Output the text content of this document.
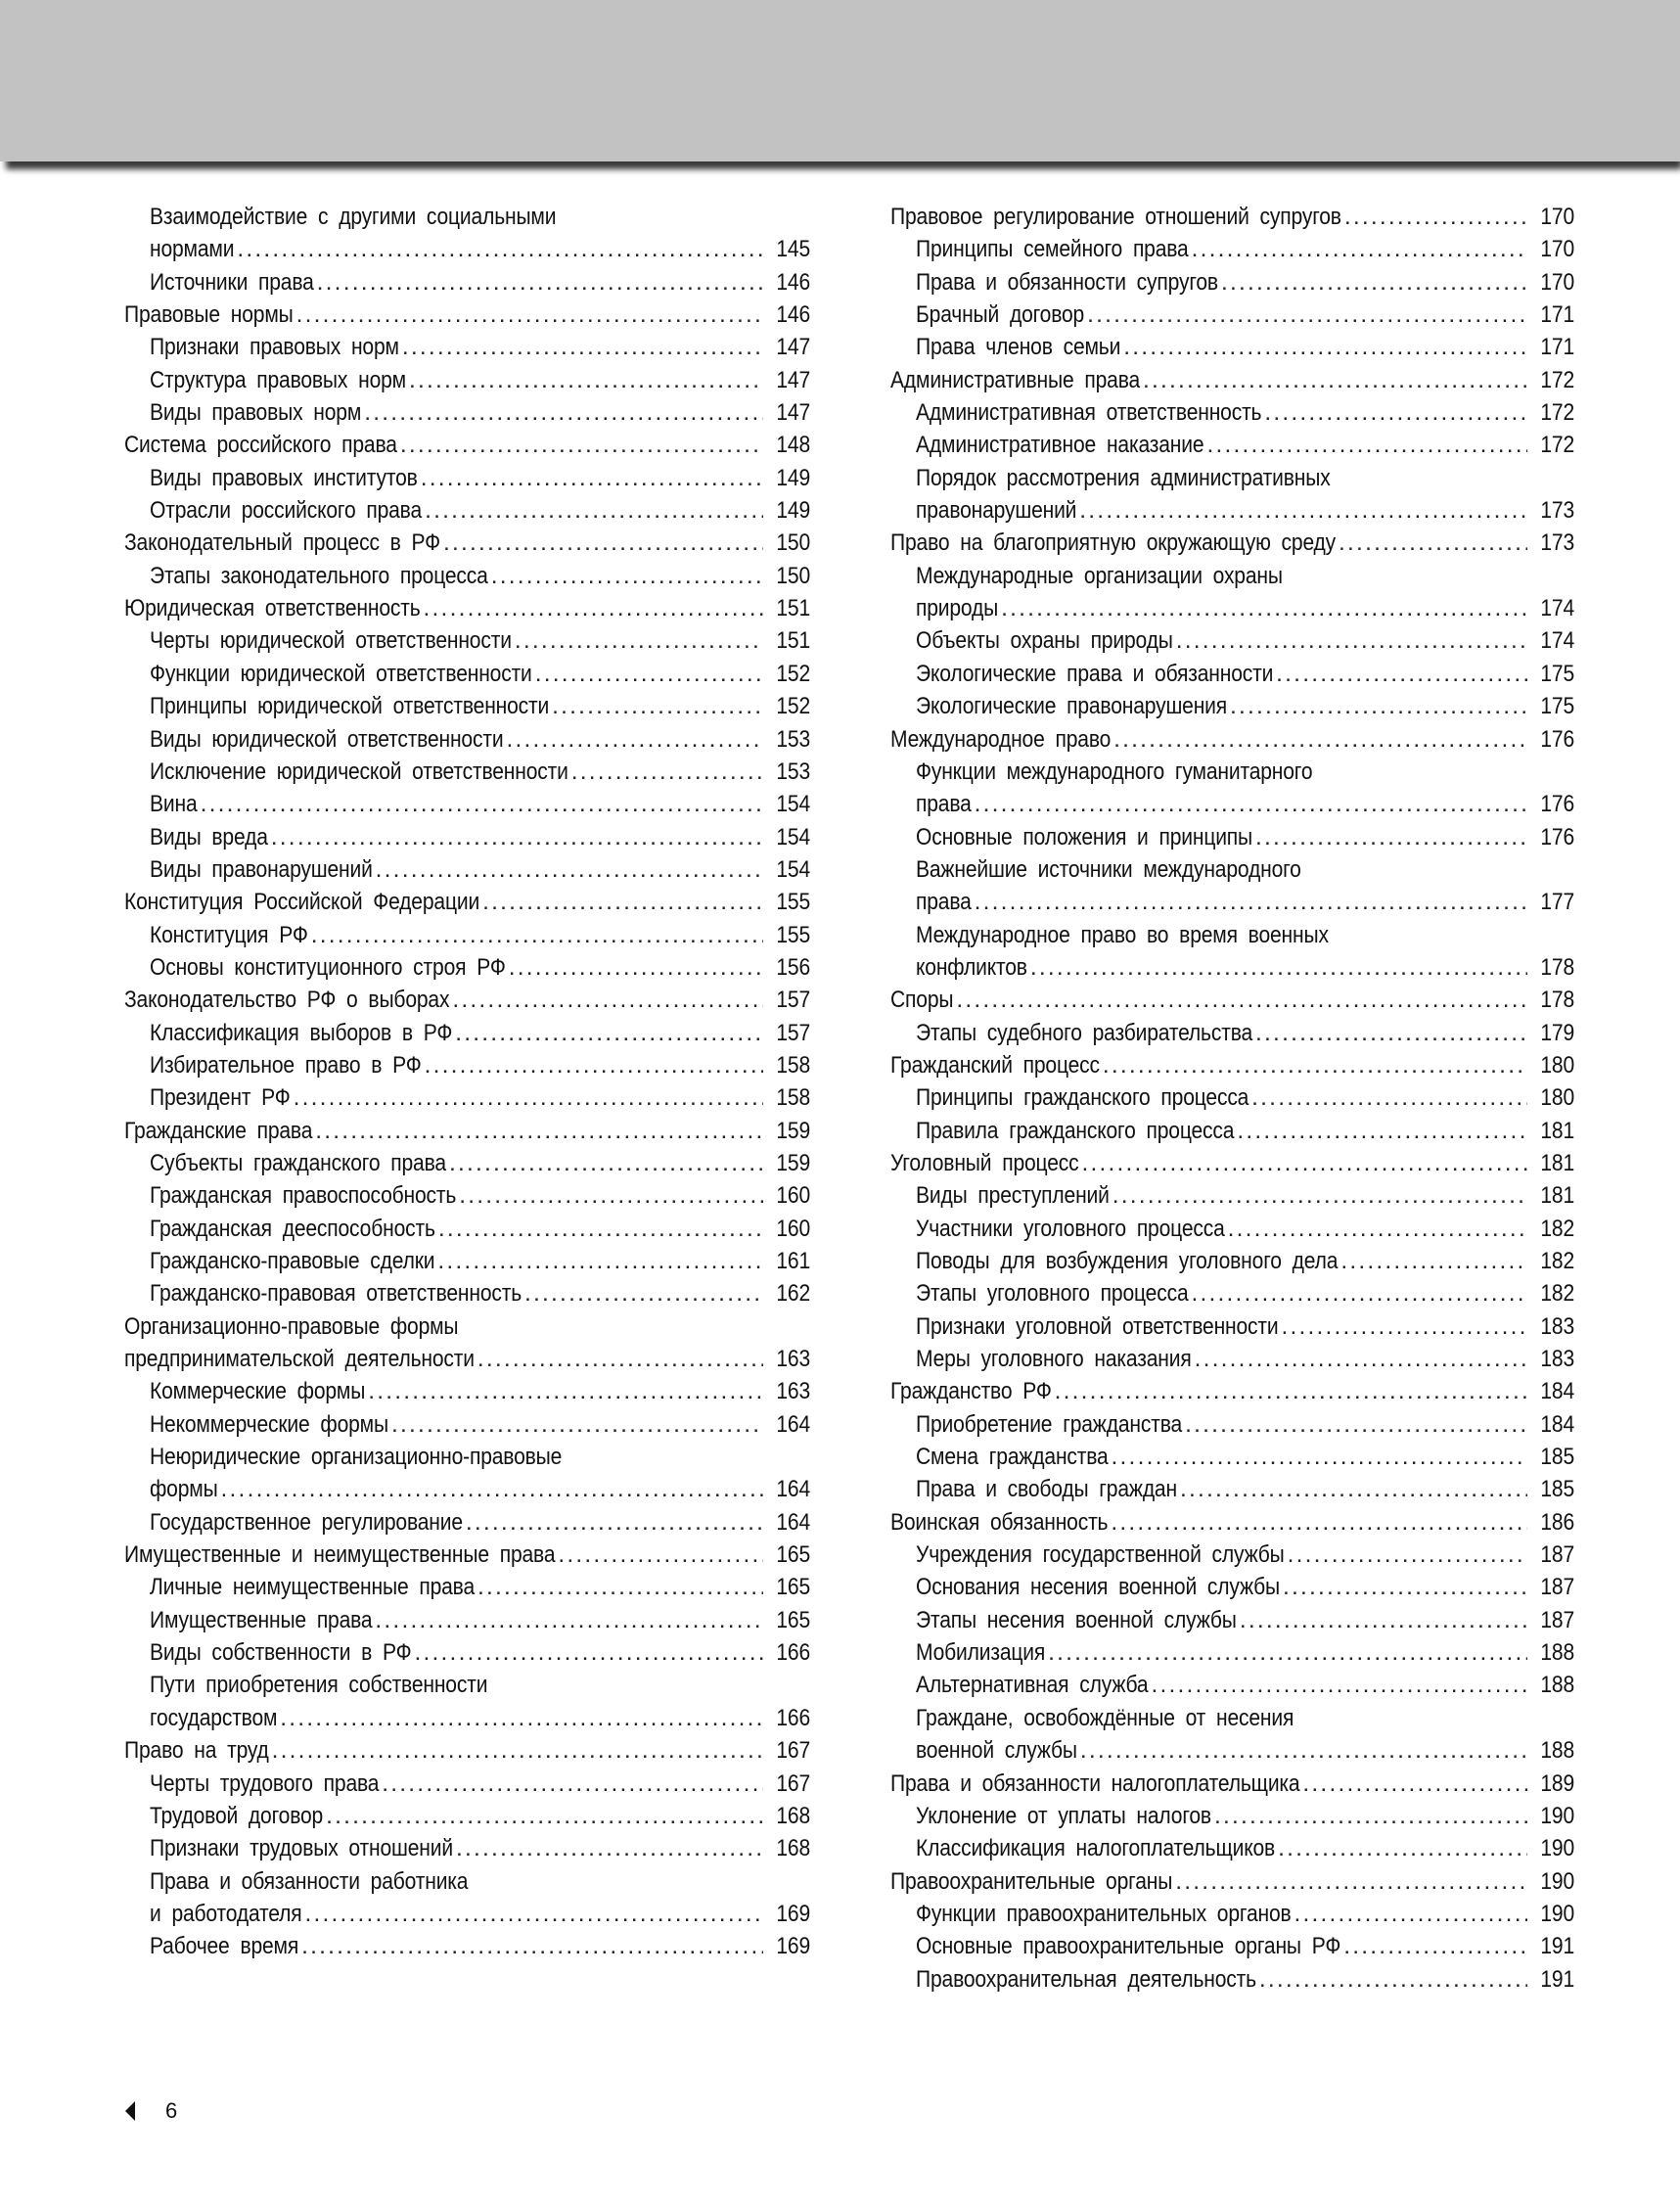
Взаимодействие с другими социальными
нормами .....	145
Источники права .....	146
Правовые нормы .....	146
Признаки правовых норм .....	147
Структура правовых норм .....	147
Виды правовых норм .....	147
Система российского права .....	148
Виды правовых институтов .....	149
Отрасли российского права .....	149
Законодательный процесс в РФ .....	150
Этапы законодательного процесса .....	150
Юридическая ответственность .....	151
Черты юридической ответственности .....	151
Функции юридической ответственности .....	152
Принципы юридической ответственности .....	152
Виды юридической ответственности .....	153
Исключение юридической ответственности .....	153
Вина .....	154
Виды вреда .....	154
Виды правонарушений .....	154
Конституция Российской Федерации .....	155
Конституция РФ .....	155
Основы конституционного строя РФ .....	156
Законодательство РФ о выборах .....	157
Классификация выборов в РФ .....	157
Избирательное право в РФ .....	158
Президент РФ .....	158
Гражданские права .....	159
Субъекты гражданского права .....	159
Гражданская правоспособность .....	160
Гражданская дееспособность .....	160
Гражданско-правовые сделки .....	161
Гражданско-правовая ответственность .....	162
Организационно-правовые формы
предпринимательской деятельности .....	163
Коммерческие формы .....	163
Некоммерческие формы .....	164
Неюридические организационно-правовые
формы .....	164
Государственное регулирование .....	164
Имущественные и неимущественные права .....	165
Личные неимущественные права .....	165
Имущественные права .....	165
Виды собственности в РФ .....	166
Пути приобретения собственности
государством .....	166
Право на труд .....	167
Черты трудового права .....	167
Трудовой договор .....	168
Признаки трудовых отношений .....	168
Права и обязанности работника
и работодателя .....	169
Рабочее время .....	169
Правовое регулирование отношений супругов .....	170
Принципы семейного права .....	170
Права и обязанности супругов .....	170
Брачный договор .....	171
Права членов семьи .....	171
Административные права .....	172
Административная ответственность .....	172
Административное наказание .....	172
Порядок рассмотрения административных
правонарушений .....	173
Право на благоприятную окружающую среду .....	173
Международные организации охраны
природы .....	174
Объекты охраны природы .....	174
Экологические права и обязанности .....	175
Экологические правонарушения .....	175
Международное право .....	176
Функции международного гуманитарного
права .....	176
Основные положения и принципы .....	176
Важнейшие источники международного
права .....	177
Международное право во время военных
конфликтов .....	178
Споры .....	178
Этапы судебного разбирательства .....	179
Гражданский процесс .....	180
Принципы гражданского процесса .....	180
Правила гражданского процесса .....	181
Уголовный процесс .....	181
Виды преступлений .....	181
Участники уголовного процесса .....	182
Поводы для возбуждения уголовного дела .....	182
Этапы уголовного процесса .....	182
Признаки уголовной ответственности .....	183
Меры уголовного наказания .....	183
Гражданство РФ .....	184
Приобретение гражданства .....	184
Смена гражданства .....	185
Права и свободы граждан .....	185
Воинская обязанность .....	186
Учреждения государственной службы .....	187
Основания несения военной службы .....	187
Этапы несения военной службы .....	187
Мобилизация .....	188
Альтернативная служба .....	188
Граждане, освобождённые от несения
военной службы .....	188
Права и обязанности налогоплательщика .....	189
Уклонение от уплаты налогов .....	190
Классификация налогоплательщиков .....	190
Правоохранительные органы .....	190
Функции правоохранительных органов .....	190
Основные правоохранительные органы РФ .....	191
Правоохранительная деятельность .....	191
6
